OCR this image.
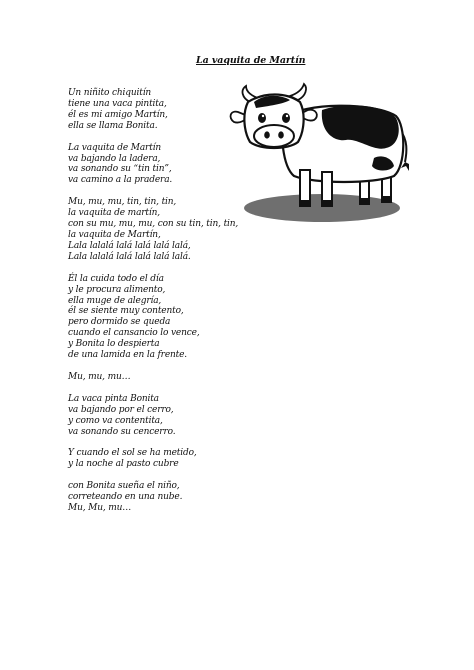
La vaquita de Martín
Un niñito chiquitín
tiene una vaca pintita,
él es mi amigo Martín,
ella se llama Bonita.
La vaquita de Martín
va bajando la ladera,
va sonando su “tin tin”,
va camino a la pradera.
Mu, mu, mu, tin, tin, tin,
la vaquita de martín,
con su mu, mu, mu, con su tin, tin, tin,
la vaquita de Martín,
Lala lalalá lalá lalá lalá lalá,
Lala lalalá lalá lalá lalá lalá.
Él la cuida todo el día
y le procura alimento,
ella muge de alegría,
él se siente muy contento,
pero dormido se queda
cuando el cansancio lo vence,
y Bonita lo despierta
de una lamida en la frente.
Mu, mu, mu…
La vaca pinta Bonita
va bajando por el cerro,
y como va contentita,
va sonando su cencerro.
Y cuando el sol se ha metido,
y la noche al pasto cubre
con Bonita sueña el niño,
correteando en una nube.
Mu, Mu, mu…
